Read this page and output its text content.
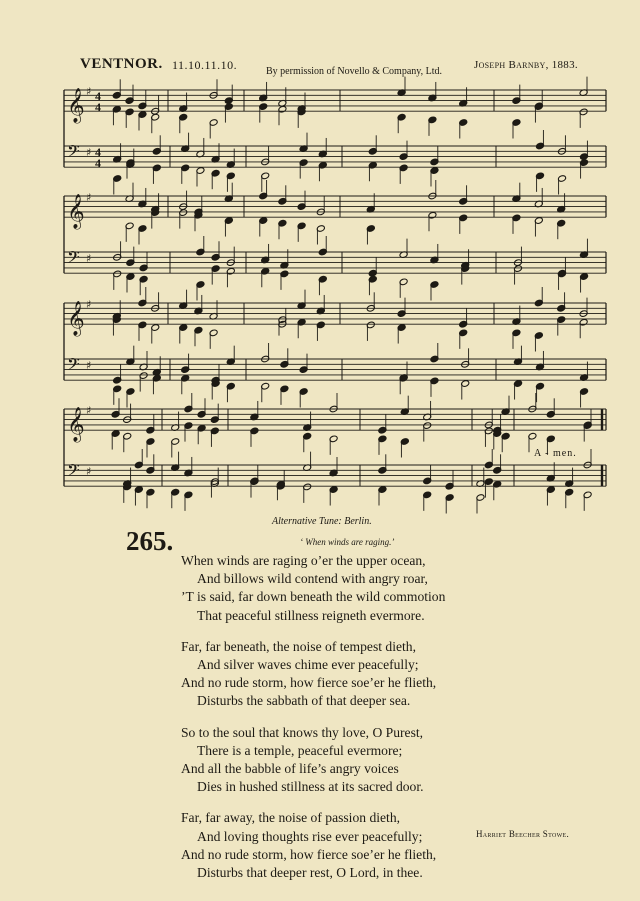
VENTNOR. 11.10.11.10.	By permission of Novello & Company, Ltd.
Joseph Barnby, 1883.
𝄞 ♯
𝄢 ♯
𝄞 ♯
𝄢 ♯
𝄞 ♯
𝄢 ♯
𝄞 ♯
𝄢 ♯
4
4
4
4
A - men.
Alternative Tune: Berlin.
265.	‘ When winds are raging.’
When winds are raging o’er the upper ocean,
And billows wild contend with angry roar,
’T is said, far down beneath the wild commotion
That peaceful stillness reigneth evermore.
Far, far beneath, the noise of tempest dieth,
And silver waves chime ever peacefully;
And no rude storm, how fierce soe’er he flieth,
Disturbs the sabbath of that deeper sea.
So to the soul that knows thy love, O Purest,
There is a temple, peaceful evermore;
And all the babble of life’s angry voices
Dies in hushed stillness at its sacred door.
Far, far away, the noise of passion dieth,
And loving thoughts rise ever peacefully;
And no rude storm, how fierce soe’er he flieth,
Disturbs that deeper rest, O Lord, in thee.
Harriet Beecher Stowe.
